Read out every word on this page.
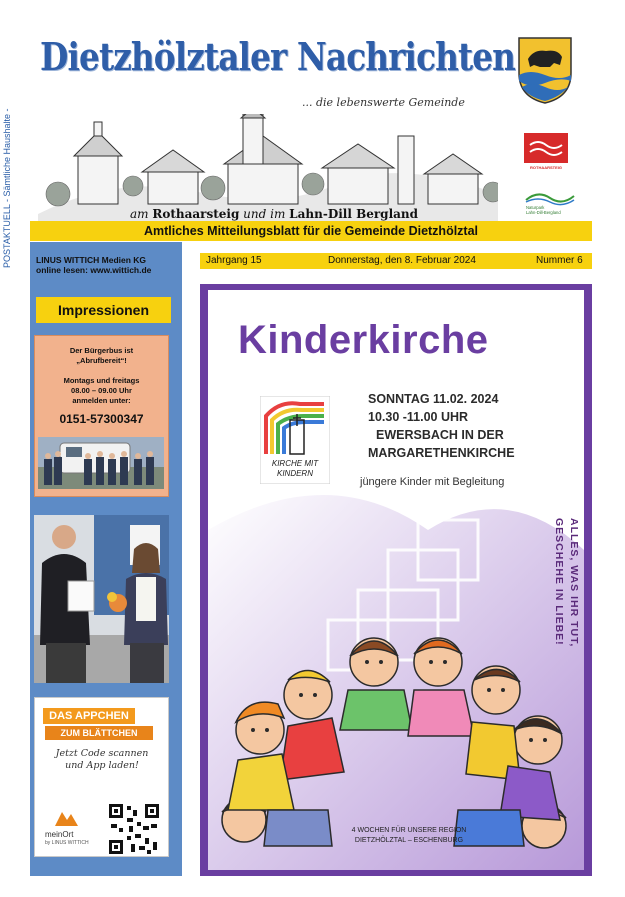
POSTAKTUELL - Sämtliche Haushalte -
Dietzhölztaler Nachrichten
... die lebenswerte Gemeinde
am Rothaarsteig und im Lahn-Dill Bergland
ROTHAARSTEIG
Naturpark
Lahn-Dill-Bergland
Amtliches Mitteilungsblatt für die Gemeinde Dietzhölztal
LINUS WITTICH Medien KG
online lesen: www.wittich.de
Impressionen
Der Bürgerbus ist
„Abrufbereit“!
Montags und freitags
08.00 – 09.00 Uhr
anmelden unter:
0151-57300347
DAS APPCHEN
ZUM BLÄTTCHEN
Jetzt Code scannen
und App laden!
meinOrt
by LINUS WITTICH
Jahrgang 15	Donnerstag, den 8. Februar 2024	Nummer 6
Kinderkirche
KIRCHE MIT
KINDERN
SONNTAG 11.02. 2024
10.30 -11.00 UHR
EWERSBACH IN DER
MARGARETHENKIRCHE
jüngere Kinder mit Begleitung
ALLES, WAS IHR TUT, GESCHEHE IN LIEBE!
4 WOCHEN FÜR UNSERE REGION
DIETZHÖLZTAL – ESCHENBURG
